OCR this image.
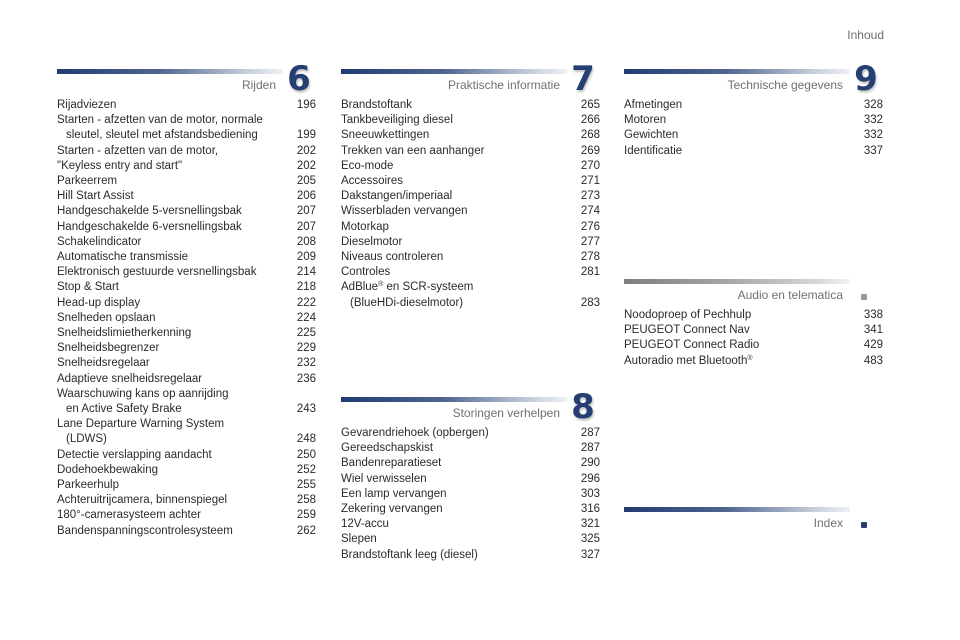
Inhoud
Rijden 6
Rijadviezen	196
Starten - afzetten van de motor, normale
sleutel, sleutel met afstandsbediening	199
Starten - afzetten van de motor,	202
"Keyless entry and start"	202
Parkeerrem	205
Hill Start Assist	206
Handgeschakelde 5-versnellingsbak	207
Handgeschakelde 6-versnellingsbak	207
Schakelindicator	208
Automatische transmissie	209
Elektronisch gestuurde versnellingsbak	214
Stop & Start	218
Head-up display	222
Snelheden opslaan	224
Snelheidslimietherkenning	225
Snelheidsbegrenzer	229
Snelheidsregelaar	232
Adaptieve snelheidsregelaar	236
Waarschuwing kans op aanrijding
en Active Safety Brake	243
Lane Departure Warning System
(LDWS)	248
Detectie verslapping aandacht	250
Dodehoekbewaking	252
Parkeerhulp	255
Achteruitrijcamera, binnenspiegel	258
180°-camerasysteem achter	259
Bandenspanningscontrolesysteem	262
Praktische informatie 7
Brandstoftank	265
Tankbeveiliging diesel	266
Sneeuwkettingen	268
Trekken van een aanhanger	269
Eco-mode	270
Accessoires	271
Dakstangen/imperiaal	273
Wisserbladen vervangen	274
Motorkap	276
Dieselmotor	277
Niveaus controleren	278
Controles	281
AdBlue® en SCR-systeem
(BlueHDi-dieselmotor)	283
Storingen verhelpen 8
Gevarendriehoek (opbergen)	287
Gereedschapskist	287
Bandenreparatieset	290
Wiel verwisselen	296
Een lamp vervangen	303
Zekering vervangen	316
12V-accu	321
Slepen	325
Brandstoftank leeg (diesel)	327
Technische gegevens 9
Afmetingen	328
Motoren	332
Gewichten	332
Identificatie	337
Audio en telematica
Noodoproep of Pechhulp	338
PEUGEOT Connect Nav	341
PEUGEOT Connect Radio	429
Autoradio met Bluetooth®	483
Index
